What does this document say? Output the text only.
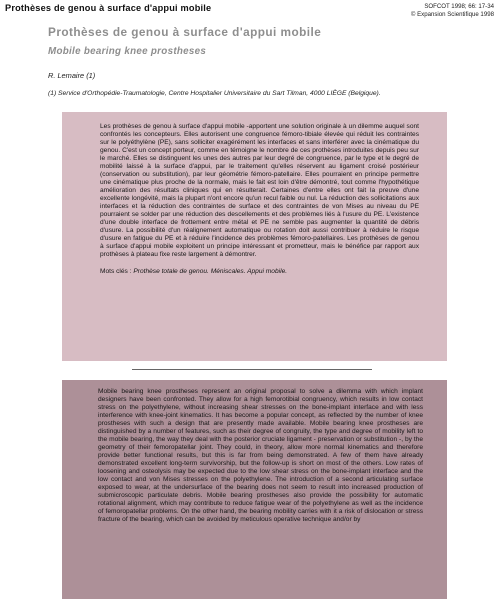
Prothèses de genou à surface d'appui mobile	SOFCOT 1998; 66: 17-34
© Expansion Scientifique 1998
Prothèses de genou à surface d'appui mobile
Mobile bearing knee prostheses
R. Lemaire (1)
(1) Service d'Orthopédie-Traumatologie, Centre Hospitalier Universitaire du Sart Tilman, 4000 LIÈGE (Belgique).

Les prothèses de genou à surface d'appui mobile -apportent une solution originale à un dilemme auquel sont confrontés les concepteurs. Elles autorisent une congruence fémoro-tibiale élevée qui réduit les contraintes sur le polyéthylène (PE), sans solliciter exagérément les interfaces et sans interférer avec la cinématique du genou. C'est un concept porteur, comme en témoigne le nombre de ces prothèses introduites depuis peu sur le marché. Elles se distinguent les unes des autres par leur degré de congruence, par le type et le degré de mobilité laissé à la surface d'appui, par le traitement qu'elles réservent au ligament croisé postérieur (conservation ou substitution), par leur géométrie fémoro-patellaire. Elles pourraient en principe permettre une cinématique plus proche de la normale, mais le fait est loin d'être démontré, tout comme l'hypothétique amélioration des résultats cliniques qui en résulterait. Certaines d'entre elles ont fait la preuve d'une excellente longévité, mais la plupart n'ont encore qu'un recul faible ou nul. La réduction des sollicitations aux interfaces et la réduction des contraintes de surface et des contraintes de von Mises au niveau du PE pourraient se solder par une réduction des descellements et des problèmes liés à l'usure du PE. L'existence d'une double interface de frottement entre métal et PE ne semble pas augmenter la quantité de débris d'usure. La possibilité d'un réalignement automatique ou rotation doit aussi contribuer à réduire le risque d'usure en fatigue du PE et à réduire l'incidence des problèmes fémoro-patellaires. Les prothèses de genou à surface d'appui mobile exploitent un principe intéressant et prometteur, mais le bénéfice par rapport aux prothèses à plateau fixe reste largement à démontrer.

Mots clés : Prothèse totale de genou. Méniscales. Appui mobile.

Mobile bearing knee prostheses represent an original proposal to solve a dilemma with which implant designers have been confronted. They allow for a high femorotibial congruency, which results in low contact stress on the polyethylene, without increasing shear stresses on the bone-implant interface and with less interference with knee-joint kinematics. It has become a popular concept, as reflected by the number of knee prostheses with such a design that are presently made available. Mobile bearing knee prostheses are distinguished by a number of features, such as their degree of congruity, the type and degree of mobility left to the mobile bearing, the way they deal with the posterior cruciate ligament - preservation or substitution -, by the geometry of their femoropatellar joint. They could, in theory, allow more normal kinematics and therefore provide better functional results, but this is far from being demonstrated. A few of them have already demonstrated excellent long-term survivorship, but the follow-up is short on most of the others. Low rates of loosening and osteolysis may be expected due to the low shear stress on the bone-implant interface and the low contact and von Mises stresses on the polyethylene. The introduction of a second articulating surface exposed to wear, at the undersurface of the bearing does not seem to result into increased production of submicroscopic particulate debris. Mobile bearing prostheses also provide the possibility for automatic rotational alignment, which may contribute to reduce fatigue wear of the polyethylene as well as the incidence of femoropatellar problems. On the other hand, the bearing mobility carries with it a risk of dislocation or stress fracture of the bearing, which can be avoided by meticulous operative technique and/or by
